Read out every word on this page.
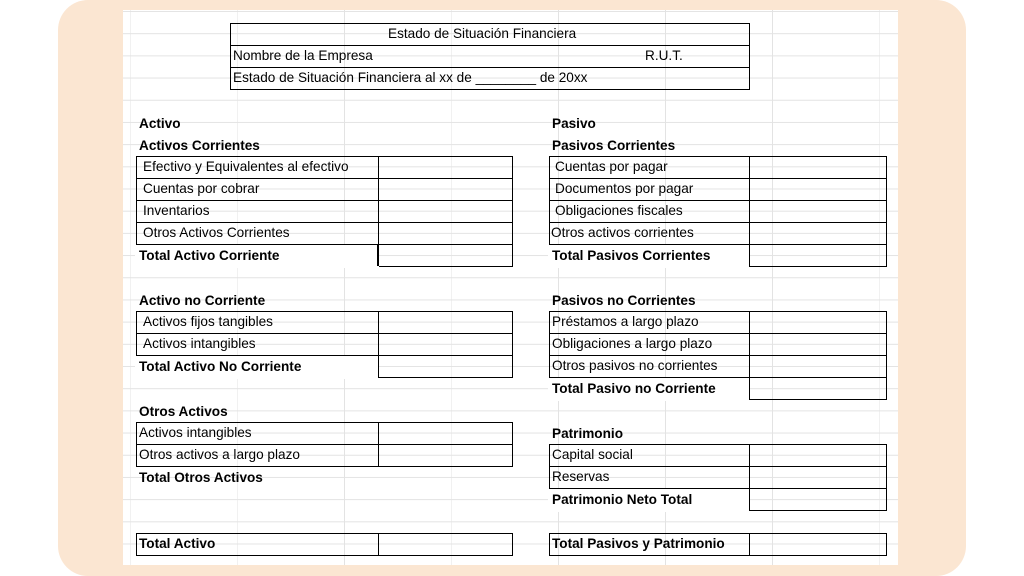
Estado de Situación Financiera
Nombre de la Empresa	R.U.T.
Estado de Situación Financiera al xx de ________ de 20xx
Activo
Activos Corrientes
Efectivo y Equivalentes al efectivo
Cuentas por cobrar
Inventarios
Otros Activos Corrientes
Total Activo Corriente
Activo no Corriente
Activos fijos tangibles
Activos intangibles
Total Activo No Corriente
Otros Activos
Activos intangibles
Otros activos a largo plazo
Total Otros Activos
Total Activo
Pasivo
Pasivos Corrientes
Cuentas por pagar
Documentos por pagar
Obligaciones fiscales
Otros activos corrientes
Total Pasivos Corrientes
Pasivos no Corrientes
Préstamos a largo plazo
Obligaciones a largo plazo
Otros pasivos no corrientes
Total Pasivo no Corriente
Patrimonio
Capital social
Reservas
Patrimonio Neto Total
Total Pasivos y Patrimonio
